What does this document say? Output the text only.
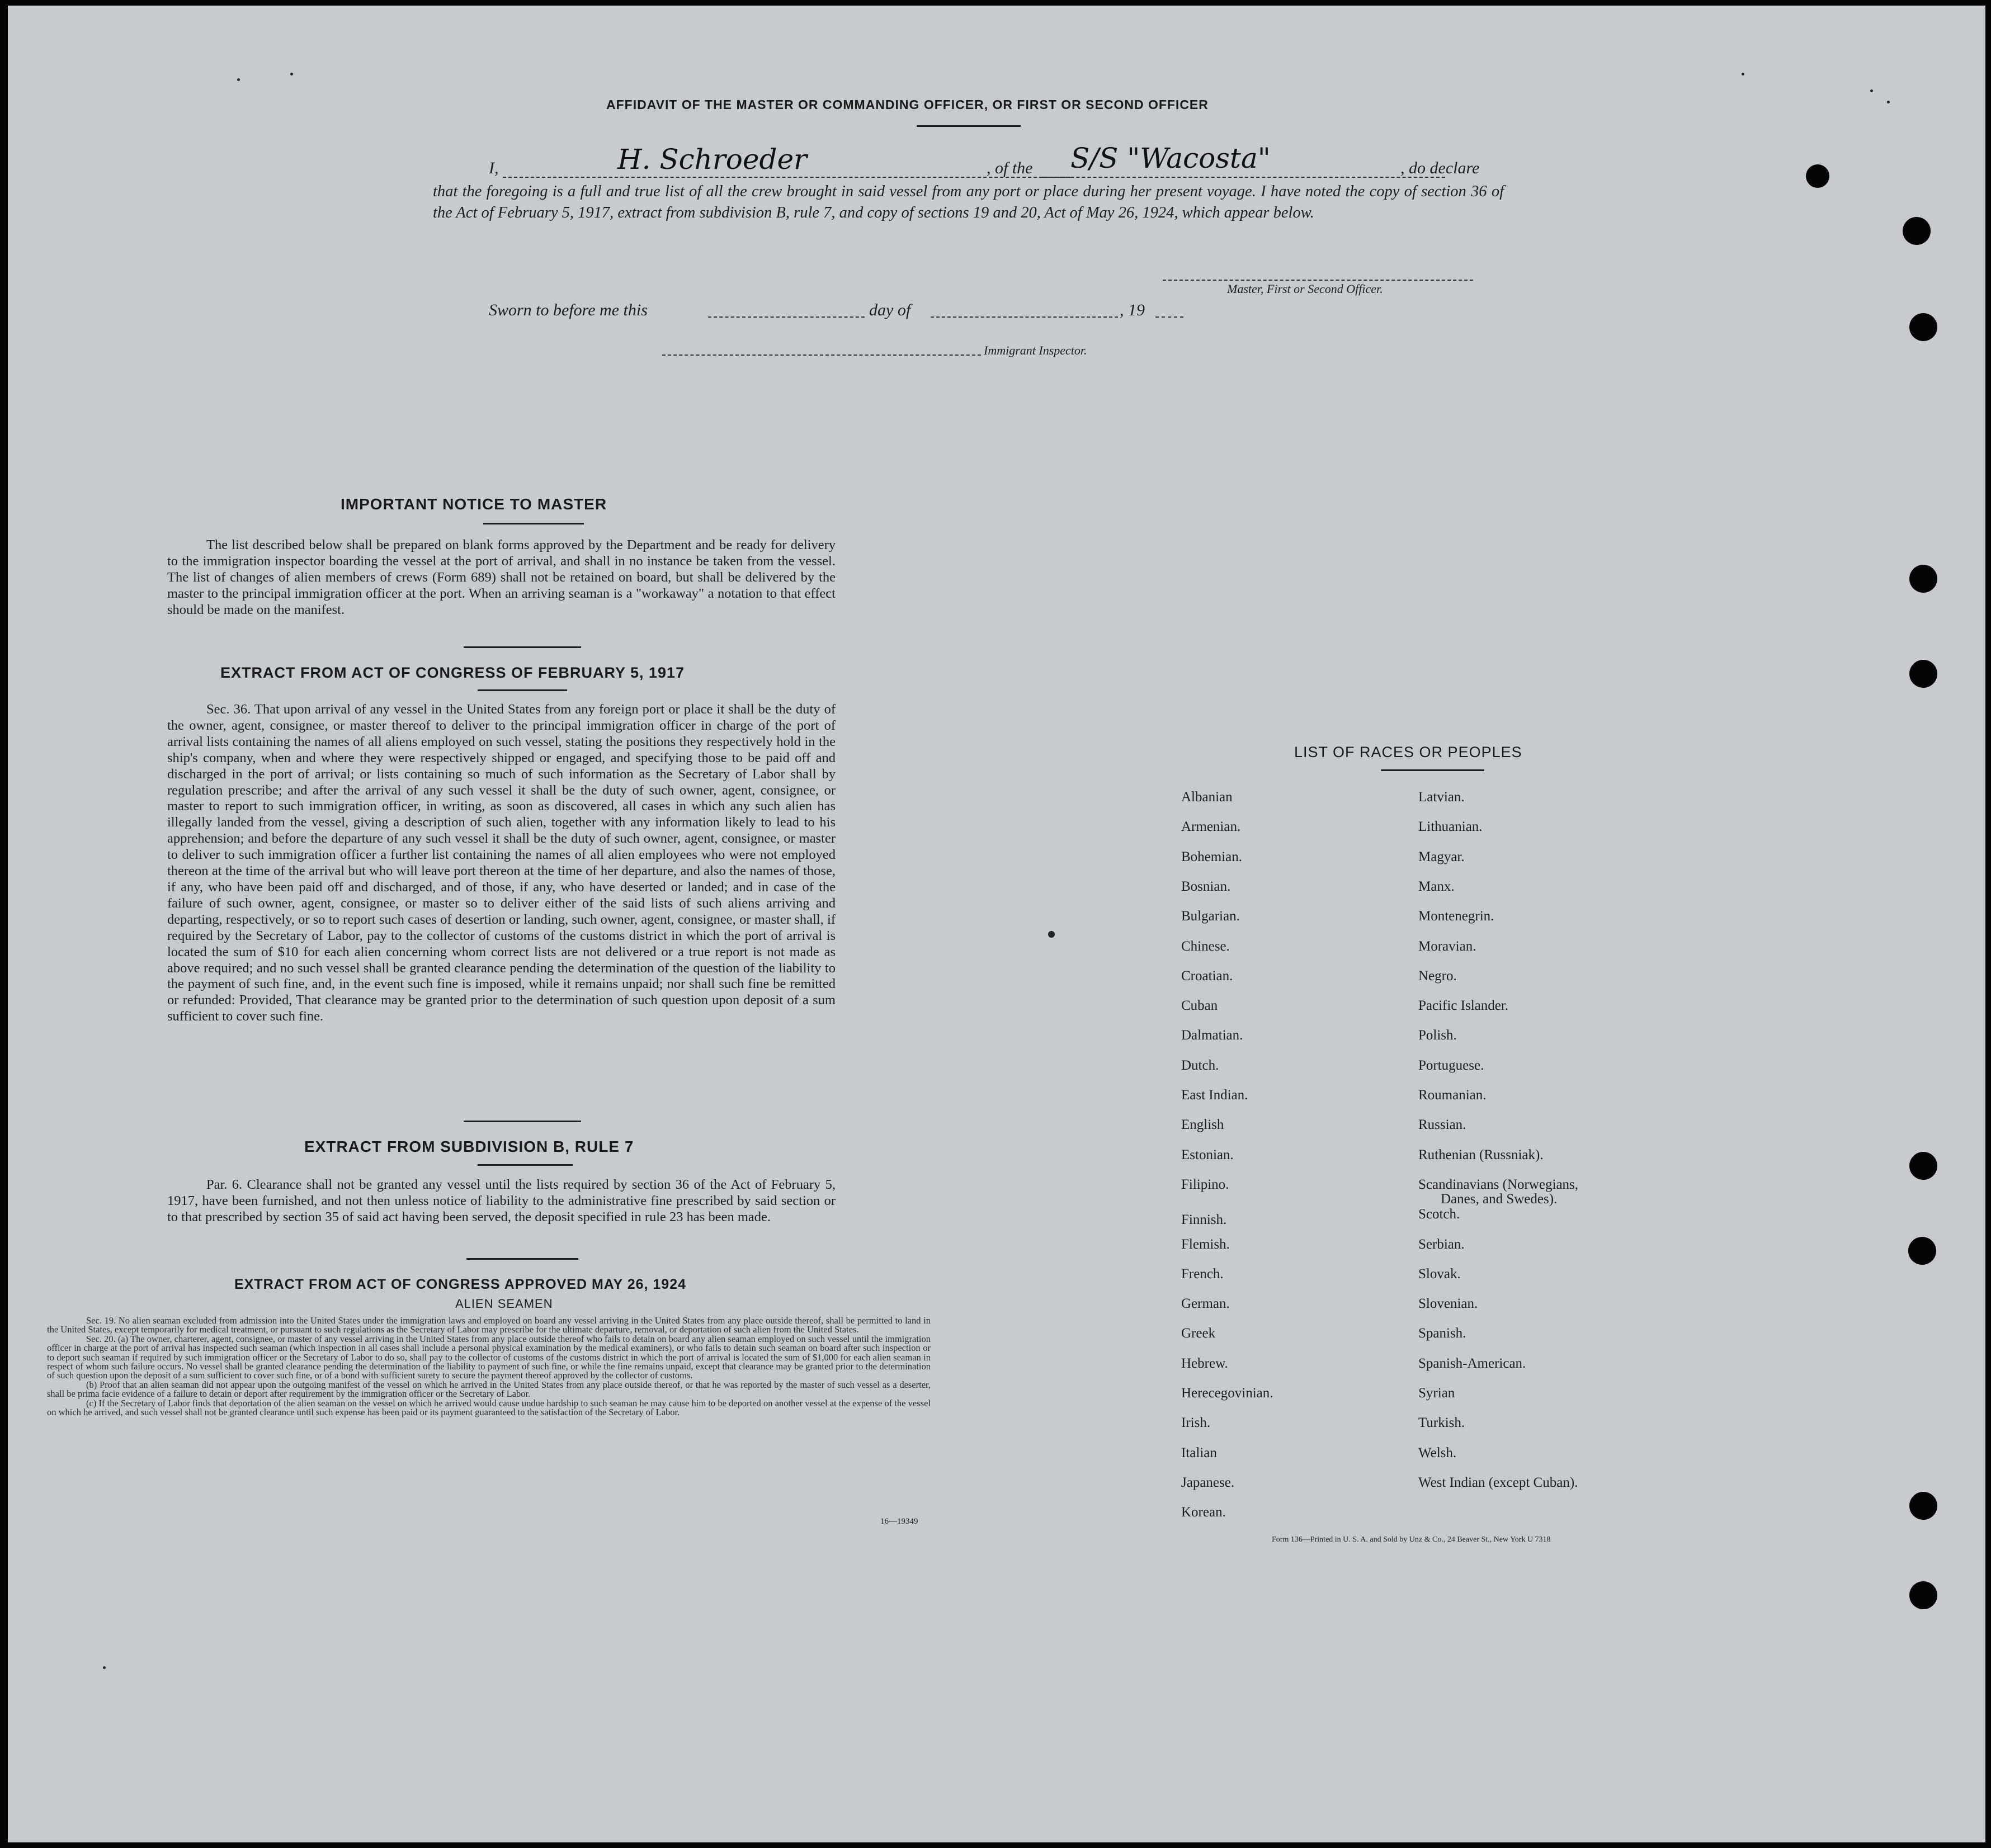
AFFIDAVIT OF THE MASTER OR COMMANDING OFFICER, OR FIRST OR SECOND OFFICER
I,	H. Schroeder	, of the S/S "Wacosta"	, do declare

that the foregoing is a full and true list of all the crew brought in said vessel from any port or place during her present voyage. I have noted the copy of section 36 of the Act of February 5, 1917, extract from subdivision B, rule 7, and copy of sections 19 and 20, Act of May 26, 1924, which appear below.

Master, First or Second Officer.
Sworn to before me this	day of	, 19
Immigrant Inspector.
IMPORTANT NOTICE TO MASTER

The list described below shall be prepared on blank forms approved by the Department and be ready for delivery to the immigration inspector boarding the vessel at the port of arrival, and shall in no instance be taken from the vessel. The list of changes of alien members of crews (Form 689) shall not be retained on board, but shall be delivered by the master to the principal immigration officer at the port. When an arriving seaman is a "workaway" a notation to that effect should be made on the manifest.

EXTRACT FROM ACT OF CONGRESS OF FEBRUARY 5, 1917

Sec. 36. That upon arrival of any vessel in the United States from any foreign port or place it shall be the duty of the owner, agent, consignee, or master thereof to deliver to the principal immigration officer in charge of the port of arrival lists containing the names of all aliens employed on such vessel, stating the positions they respectively hold in the ship's company, when and where they were respectively shipped or engaged, and specifying those to be paid off and discharged in the port of arrival; or lists containing so much of such information as the Secretary of Labor shall by regulation prescribe; and after the arrival of any such vessel it shall be the duty of such owner, agent, consignee, or master to report to such immigration officer, in writing, as soon as discovered, all cases in which any such alien has illegally landed from the vessel, giving a description of such alien, together with any information likely to lead to his apprehension; and before the departure of any such vessel it shall be the duty of such owner, agent, consignee, or master to deliver to such immigration officer a further list containing the names of all alien employees who were not employed thereon at the time of the arrival but who will leave port thereon at the time of her departure, and also the names of those, if any, who have been paid off and discharged, and of those, if any, who have deserted or landed; and in case of the failure of such owner, agent, consignee, or master so to deliver either of the said lists of such aliens arriving and departing, respectively, or so to report such cases of desertion or landing, such owner, agent, consignee, or master shall, if required by the Secretary of Labor, pay to the collector of customs of the customs district in which the port of arrival is located the sum of $10 for each alien concerning whom correct lists are not delivered or a true report is not made as above required; and no such vessel shall be granted clearance pending the determination of the question of the liability to the payment of such fine, and, in the event such fine is imposed, while it remains unpaid; nor shall such fine be remitted or refunded: Provided, That clearance may be granted prior to the determination of such question upon deposit of a sum sufficient to cover such fine.

EXTRACT FROM SUBDIVISION B, RULE 7

Par. 6. Clearance shall not be granted any vessel until the lists required by section 36 of the Act of February 5, 1917, have been furnished, and not then unless notice of liability to the administrative fine prescribed by said section or to that prescribed by section 35 of said act having been served, the deposit specified in rule 23 has been made.

EXTRACT FROM ACT OF CONGRESS APPROVED MAY 26, 1924
ALIEN SEAMEN

Sec. 19. No alien seaman excluded from admission into the United States under the immigration laws and employed on board any vessel arriving in the United States from any place outside thereof, shall be permitted to land in the United States, except temporarily for medical treatment, or pursuant to such regulations as the Secretary of Labor may prescribe for the ultimate departure, removal, or deportation of such alien from the United States.

Sec. 20. (a) The owner, charterer, agent, consignee, or master of any vessel arriving in the United States from any place outside thereof who fails to detain on board any alien seaman employed on such vessel until the immigration officer in charge at the port of arrival has inspected such seaman (which inspection in all cases shall include a personal physical examination by the medical examiners), or who fails to detain such seaman on board after such inspection or to deport such seaman if required by such immigration officer or the Secretary of Labor to do so, shall pay to the collector of customs of the customs district in which the port of arrival is located the sum of $1,000 for each alien seaman in respect of whom such failure occurs. No vessel shall be granted clearance pending the determination of the liability to payment of such fine, or while the fine remains unpaid, except that clearance may be granted prior to the determination of such question upon the deposit of a sum sufficient to cover such fine, or of a bond with sufficient surety to secure the payment thereof approved by the collector of customs.

(b) Proof that an alien seaman did not appear upon the outgoing manifest of the vessel on which he arrived in the United States from any place outside thereof, or that he was reported by the master of such vessel as a deserter, shall be prima facie evidence of a failure to detain or deport after requirement by the immigration officer or the Secretary of Labor.

(c) If the Secretary of Labor finds that deportation of the alien seaman on the vessel on which he arrived would cause undue hardship to such seaman he may cause him to be deported on another vessel at the expense of the vessel on which he arrived, and such vessel shall not be granted clearance until such expense has been paid or its payment guaranteed to the satisfaction of the Secretary of Labor.

16—19349
LIST OF RACES OR PEOPLES
Albanian
Armenian.
Bohemian.
Bosnian.
Bulgarian.
Chinese.
Croatian.
Cuban
Dalmatian.
Dutch.
East Indian.
English
Estonian.
Filipino.
Finnish.
Flemish.
French.
German.
Greek
Hebrew.
Herecegovinian.
Irish.
Italian
Japanese.
Korean.
Latvian.
Lithuanian.
Magyar.
Manx.
Montenegrin.
Moravian.
Negro.
Pacific Islander.
Polish.
Portuguese.
Roumanian.
Russian.
Ruthenian (Russniak).
Scandinavians (Norwegians,
Danes, and Swedes).
Scotch.
Serbian.
Slovak.
Slovenian.
Spanish.
Spanish-American.
Syrian
Turkish.
Welsh.
West Indian (except Cuban).
Form 136—Printed in U. S. A. and Sold by Unz & Co., 24 Beaver St., New York U 7318
